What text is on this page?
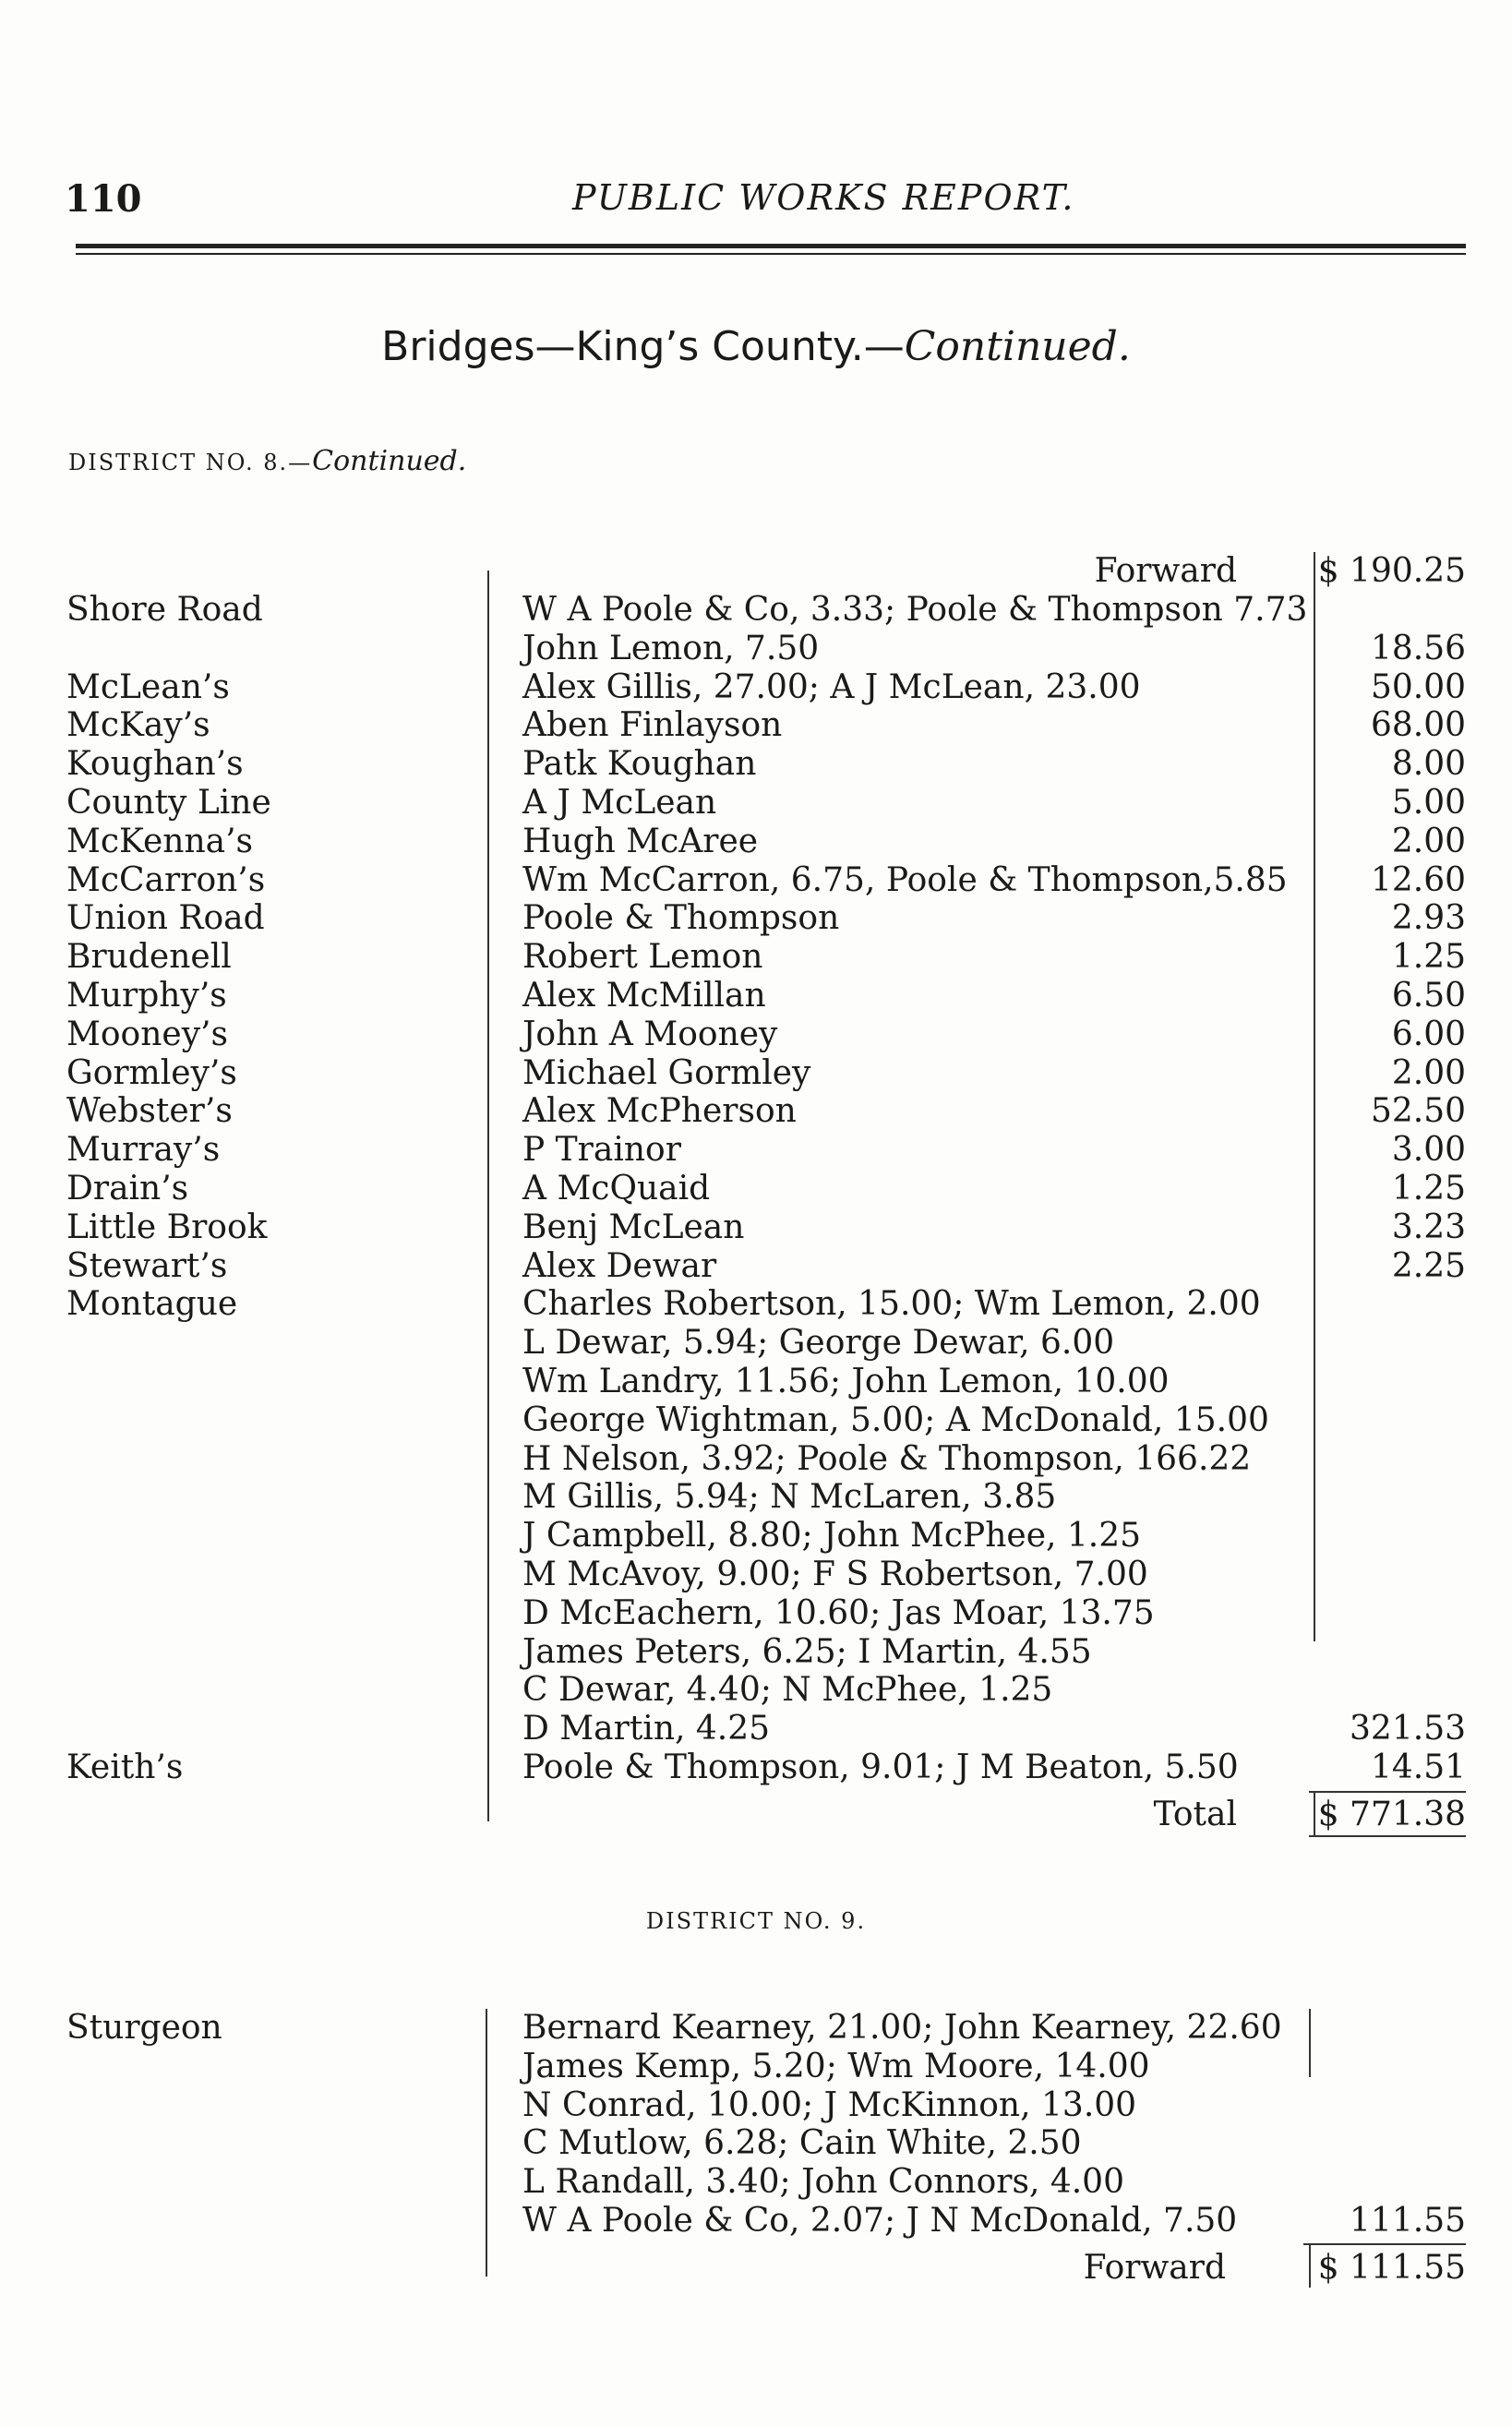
110	PUBLIC WORKS REPORT.
Bridges—King’s County.—Continued.
DISTRICT NO. 8.—Continued.
Forward $ 190.25
Shore Road	W A Poole & Co, 3.33; Poole & Thompson 7.73
John Lemon, 7.50	18.56
McLean’s	Alex Gillis, 27.00; A J McLean, 23.00	50.00
McKay’s	Aben Finlayson	68.00
Koughan’s	Patk Koughan	8.00
County Line	A J McLean	5.00
McKenna’s	Hugh McAree	2.00
McCarron’s	Wm McCarron, 6.75, Poole & Thompson,5.85	12.60
Union Road	Poole & Thompson	2.93
Brudenell	Robert Lemon	1.25
Murphy’s	Alex McMillan	6.50
Mooney’s	John A Mooney	6.00
Gormley’s	Michael Gormley	2.00
Webster’s	Alex McPherson	52.50
Murray’s	P Trainor	3.00
Drain’s	A McQuaid	1.25
Little Brook	Benj McLean	3.23
Stewart’s	Alex Dewar	2.25
Montague	Charles Robertson, 15.00; Wm Lemon, 2.00
L Dewar, 5.94; George Dewar, 6.00
Wm Landry, 11.56; John Lemon, 10.00
George Wightman, 5.00; A McDonald, 15.00
H Nelson, 3.92; Poole & Thompson, 166.22
M Gillis, 5.94; N McLaren, 3.85
J Campbell, 8.80; John McPhee, 1.25
M McAvoy, 9.00; F S Robertson, 7.00
D McEachern, 10.60; Jas Moar, 13.75
James Peters, 6.25; I Martin, 4.55
C Dewar, 4.40; N McPhee, 1.25
D Martin, 4.25	321.53
Keith’s	Poole & Thompson, 9.01; J M Beaton, 5.50	14.51
Total $ 771.38
DISTRICT NO. 9.
Sturgeon	Bernard Kearney, 21.00; John Kearney, 22.60
James Kemp, 5.20; Wm Moore, 14.00
N Conrad, 10.00; J McKinnon, 13.00
C Mutlow, 6.28; Cain White, 2.50
L Randall, 3.40; John Connors, 4.00
W A Poole & Co, 2.07; J N McDonald, 7.50	111.55
Forward	$ 111.55
